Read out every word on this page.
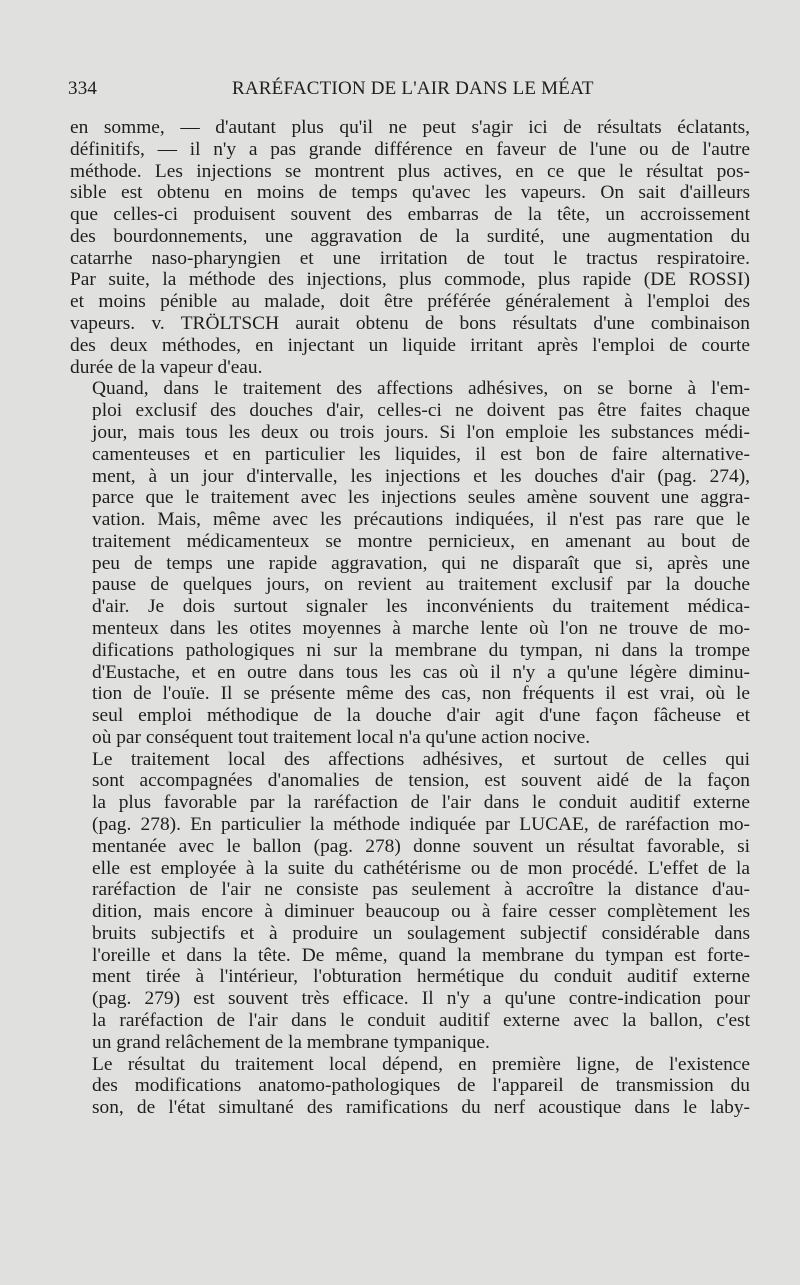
334	RARÉFACTION DE L'AIR DANS LE MÉAT

en somme, — d'autant plus qu'il ne peut s'agir ici de résultats éclatants,
définitifs, — il n'y a pas grande différence en faveur de l'une ou de l'autre
méthode. Les injections se montrent plus actives, en ce que le résultat pos-
sible est obtenu en moins de temps qu'avec les vapeurs. On sait d'ailleurs
que celles-ci produisent souvent des embarras de la tête, un accroissement
des bourdonnements, une aggravation de la surdité, une augmentation du
catarrhe naso-pharyngien et une irritation de tout le tractus respiratoire.
Par suite, la méthode des injections, plus commode, plus rapide (DE ROSSI)
et moins pénible au malade, doit être préférée généralement à l'emploi des
vapeurs. v. TRÖLTSCH aurait obtenu de bons résultats d'une combinaison
des deux méthodes, en injectant un liquide irritant après l'emploi de courte
durée de la vapeur d'eau.

Quand, dans le traitement des affections adhésives, on se borne à l'em-
ploi exclusif des douches d'air, celles-ci ne doivent pas être faites chaque
jour, mais tous les deux ou trois jours. Si l'on emploie les substances médi-
camenteuses et en particulier les liquides, il est bon de faire alternative-
ment, à un jour d'intervalle, les injections et les douches d'air (pag. 274),
parce que le traitement avec les injections seules amène souvent une aggra-
vation. Mais, même avec les précautions indiquées, il n'est pas rare que le
traitement médicamenteux se montre pernicieux, en amenant au bout de
peu de temps une rapide aggravation, qui ne disparaît que si, après une
pause de quelques jours, on revient au traitement exclusif par la douche
d'air. Je dois surtout signaler les inconvénients du traitement médica-
menteux dans les otites moyennes à marche lente où l'on ne trouve de mo-
difications pathologiques ni sur la membrane du tympan, ni dans la trompe
d'Eustache, et en outre dans tous les cas où il n'y a qu'une légère diminu-
tion de l'ouïe. Il se présente même des cas, non fréquents il est vrai, où le
seul emploi méthodique de la douche d'air agit d'une façon fâcheuse et
où par conséquent tout traitement local n'a qu'une action nocive.

Le traitement local des affections adhésives, et surtout de celles qui
sont accompagnées d'anomalies de tension, est souvent aidé de la façon
la plus favorable par la raréfaction de l'air dans le conduit auditif externe
(pag. 278). En particulier la méthode indiquée par LUCAE, de raréfaction mo-
mentanée avec le ballon (pag. 278) donne souvent un résultat favorable, si
elle est employée à la suite du cathétérisme ou de mon procédé. L'effet de la
raréfaction de l'air ne consiste pas seulement à accroître la distance d'au-
dition, mais encore à diminuer beaucoup ou à faire cesser complètement les
bruits subjectifs et à produire un soulagement subjectif considérable dans
l'oreille et dans la tête. De même, quand la membrane du tympan est forte-
ment tirée à l'intérieur, l'obturation hermétique du conduit auditif externe
(pag. 279) est souvent très efficace. Il n'y a qu'une contre-indication pour
la raréfaction de l'air dans le conduit auditif externe avec la ballon, c'est
un grand relâchement de la membrane tympanique.

Le résultat du traitement local dépend, en première ligne, de l'existence
des modifications anatomo-pathologiques de l'appareil de transmission du
son, de l'état simultané des ramifications du nerf acoustique dans le laby-
